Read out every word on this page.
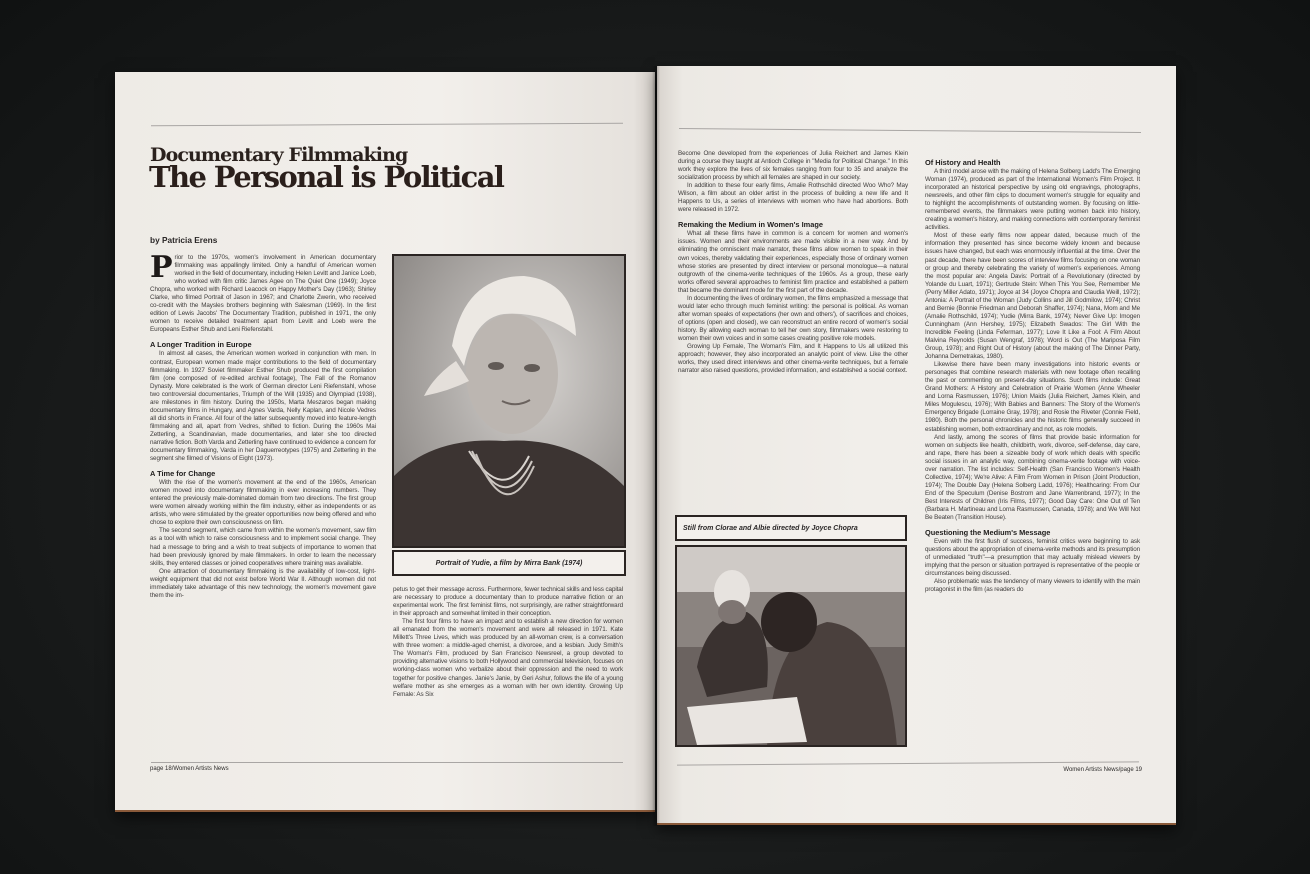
Documentary Filmmaking
The Personal is Political
by Patricia Erens

Prior to the 1970s, women's involvement in American documentary filmmaking was appallingly limited. Only a handful of American women worked in the field of documentary, including Helen Levitt and Janice Loeb, who worked with film critic James Agee on The Quiet One (1949); Joyce Chopra, who worked with Richard Leacock on Happy Mother's Day (1963); Shirley Clarke, who filmed Portrait of Jason in 1967; and Charlotte Zwerin, who received co-credit with the Maysles brothers beginning with Salesman (1969). In the first edition of Lewis Jacobs' The Documentary Tradition, published in 1971, the only women to receive detailed treatment apart from Levitt and Loeb were the Europeans Esther Shub and Leni Riefenstahl.

A Longer Tradition in Europe

In almost all cases, the American women worked in conjunction with men. In contrast, European women made major contributions to the field of documentary filmmaking. In 1927 Soviet filmmaker Esther Shub produced the first compilation film (one composed of re-edited archival footage), The Fall of the Romanov Dynasty. More celebrated is the work of German director Leni Riefenstahl, whose two controversial documentaries, Triumph of the Will (1935) and Olympiad (1938), are milestones in film history. During the 1950s, Marta Meszaros began making documentary films in Hungary, and Agnes Varda, Nelly Kaplan, and Nicole Vedres all did shorts in France. All four of the latter subsequently moved into feature-length filmmaking and all, apart from Vedres, shifted to fiction. During the 1960s Mai Zetterling, a Scandinavian, made documentaries, and later she too directed narrative fiction. Both Varda and Zetterling have continued to evidence a concern for documentary filmmaking, Varda in her Daguerreotypes (1975) and Zetterling in the segment she filmed of Visions of Eight (1973).

A Time for Change

With the rise of the women's movement at the end of the 1960s, American women moved into documentary filmmaking in ever increasing numbers. They entered the previously male-dominated domain from two directions. The first group were women already working within the film industry, either as independents or as artists, who were stimulated by the greater opportunities now being offered and who chose to explore their own consciousness on film.

The second segment, which came from within the women's movement, saw film as a tool with which to raise consciousness and to implement social change. They had a message to bring and a wish to treat subjects of importance to women that had been previously ignored by male filmmakers. In order to learn the necessary skills, they entered classes or joined cooperatives where training was available.

One attraction of documentary filmmaking is the availability of low-cost, light-weight equipment that did not exist before World War II. Although women did not immediately take advantage of this new technology, the women's movement gave them the im-

Portrait of Yudie, a film by Mirra Bank (1974)

petus to get their message across. Furthermore, fewer technical skills and less capital are necessary to produce a documentary than to produce narrative fiction or an experimental work. The first feminist films, not surprisingly, are rather straightforward in their approach and somewhat limited in their conception.

The first four films to have an impact and to establish a new direction for women all emanated from the women's movement and were all released in 1971. Kate Millett's Three Lives, which was produced by an all-woman crew, is a conversation with three women: a middle-aged chemist, a divorcee, and a lesbian. Judy Smith's The Woman's Film, produced by San Francisco Newsreel, a group devoted to providing alternative visions to both Hollywood and commercial television, focuses on working-class women who verbalize about their oppression and the need to work together for positive changes. Janie's Janie, by Geri Ashur, follows the life of a young welfare mother as she emerges as a woman with her own identity. Growing Up Female: As Six

page 18/Women Artists News

Become One developed from the experiences of Julia Reichert and James Klein during a course they taught at Antioch College in "Media for Political Change." In this work they explore the lives of six females ranging from four to 35 and analyze the socialization process by which all females are shaped in our society.

In addition to these four early films, Amalie Rothschild directed Woo Who? May Wilson, a film about an older artist in the process of building a new life and It Happens to Us, a series of interviews with women who have had abortions. Both were released in 1972.

Remaking the Medium in Women's Image

What all these films have in common is a concern for women and women's issues. Women and their environments are made visible in a new way. And by eliminating the omniscient male narrator, these films allow women to speak in their own voices, thereby validating their experiences, especially those of ordinary women whose stories are presented by direct interview or personal monologue—a natural outgrowth of the cinema-verite techniques of the 1960s. As a group, these early works offered several approaches to feminist film practice and established a pattern that became the dominant mode for the first part of the decade.

In documenting the lives of ordinary women, the films emphasized a message that would later echo through much feminist writing: the personal is political. As woman after woman speaks of expectations (her own and others'), of sacrifices and choices, of options (open and closed), we can reconstruct an entire record of women's social history. By allowing each woman to tell her own story, filmmakers were restoring to women their own voices and in some cases creating positive role models.

Growing Up Female, The Woman's Film, and It Happens to Us all utilized this approach; however, they also incorporated an analytic point of view. Like the other works, they used direct interviews and other cinema-verite techniques, but a female narrator also raised questions, provided information, and established a social context.

Still from Clorae and Albie directed by Joyce Chopra
Of History and Health

A third model arose with the making of Helena Solberg Ladd's The Emerging Woman (1974), produced as part of the International Women's Film Project. It incorporated an historical perspective by using old engravings, photographs, newsreels, and other film clips to document women's struggle for equality and to highlight the accomplishments of outstanding women. By focusing on little-remembered events, the filmmakers were putting women back into history, creating a women's history, and making connections with contemporary feminist activities.

Most of these early films now appear dated, because much of the information they presented has since become widely known and because issues have changed, but each was enormously influential at the time. Over the past decade, there have been scores of interview films focusing on one woman or group and thereby celebrating the variety of women's experiences. Among the most popular are: Angela Davis: Portrait of a Revolutionary (directed by Yolande du Luart, 1971); Gertrude Stein: When This You See, Remember Me (Perry Miller Adato, 1971); Joyce at 34 (Joyce Chopra and Claudia Weill, 1972); Antonia: A Portrait of the Woman (Judy Collins and Jill Godmilow, 1974); Christ and Bernie (Bonnie Friedman and Deborah Shaffer, 1974); Nana, Mom and Me (Amalie Rothschild, 1974); Yudie (Mirra Bank, 1974); Never Give Up: Imogen Cunningham (Ann Hershey, 1975); Elizabeth Swados: The Girl With the Incredible Feeling (Linda Feferman, 1977); Love It Like a Fool: A Film About Malvina Reynolds (Susan Wengraf, 1978); Word is Out (The Mariposa Film Group, 1978); and Right Out of History (about the making of The Dinner Party, Johanna Demetrakas, 1980).

Likewise there have been many investigations into historic events or personages that combine research materials with new footage often recalling the past or commenting on present-day situations. Such films include: Great Grand Mothers: A History and Celebration of Prairie Women (Anne Wheeler and Lorna Rasmussen, 1976); Union Maids (Julia Reichert, James Klein, and Miles Mogulescu, 1976); With Babies and Banners: The Story of the Women's Emergency Brigade (Lorraine Gray, 1978); and Rosie the Riveter (Connie Field, 1980). Both the personal chronicles and the historic films generally succeed in establishing women, both extraordinary and not, as role models.

And lastly, among the scores of films that provide basic information for women on subjects like health, childbirth, work, divorce, self-defense, day care, and rape, there has been a sizeable body of work which deals with specific social issues in an analytic way, combining cinema-verite footage with voice-over narration. The list includes: Self-Health (San Francisco Women's Health Collective, 1974); We're Alive: A Film From Women in Prison (Joint Production, 1974); The Double Day (Helena Solberg Ladd, 1976); Healthcaring: From Our End of the Speculum (Denise Bostrom and Jane Warrenbrand, 1977); In the Best Interests of Children (Iris Films, 1977); Good Day Care: One Out of Ten (Barbara H. Martineau and Lorna Rasmussen, Canada, 1978); and We Will Not Be Beaten (Transition House).

Questioning the Medium's Message

Even with the first flush of success, feminist critics were beginning to ask questions about the appropriation of cinema-verite methods and its presumption of unmediated "truth"—a presumption that may actually mislead viewers by implying that the person or situation portrayed is representative of the people or circumstances being discussed.

Also problematic was the tendency of many viewers to identify with the main protagonist in the film (as readers do

Women Artists News/page 19
